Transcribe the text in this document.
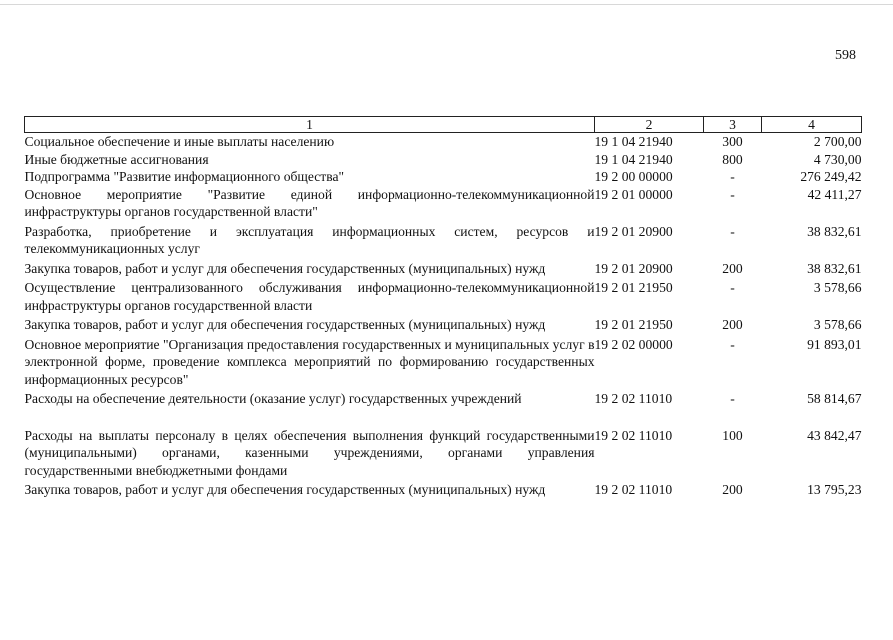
598
1	2	3	4
Социальное обеспечение и иные выплаты населению	19 1 04 21940	300	2 700,00
Иные бюджетные ассигнования	19 1 04 21940	800	4 730,00
Подпрограмма "Развитие информационного общества"	19 2 00 00000	-	276 249,42
Основное мероприятие "Развитие единой информационно-телекоммуникационной инфраструктуры органов государственной власти"	19 2 01 00000	-	42 411,27
Разработка, приобретение и эксплуатация информационных систем, ресурсов и телекоммуникационных услуг	19 2 01 20900	-	38 832,61
Закупка товаров, работ и услуг для обеспечения государственных (муниципальных) нужд	19 2 01 20900	200	38 832,61
Осуществление централизованного обслуживания информационно-телекоммуникационной инфраструктуры органов государственной власти	19 2 01 21950	-	3 578,66
Закупка товаров, работ и услуг для обеспечения государственных (муниципальных) нужд	19 2 01 21950	200	3 578,66
Основное мероприятие "Организация предоставления государственных и муниципальных услуг в электронной форме, проведение комплекса мероприятий по формированию государственных информационных ресурсов"	19 2 02 00000	-	91 893,01
Расходы на обеспечение деятельности (оказание услуг) государственных учреждений	19 2 02 11010	-	58 814,67
Расходы на выплаты персоналу в целях обеспечения выполнения функций государственными (муниципальными) органами, казенными учреждениями, органами управления государственными внебюджетными фондами	19 2 02 11010	100	43 842,47
Закупка товаров, работ и услуг для обеспечения государственных (муниципальных) нужд	19 2 02 11010	200	13 795,23
